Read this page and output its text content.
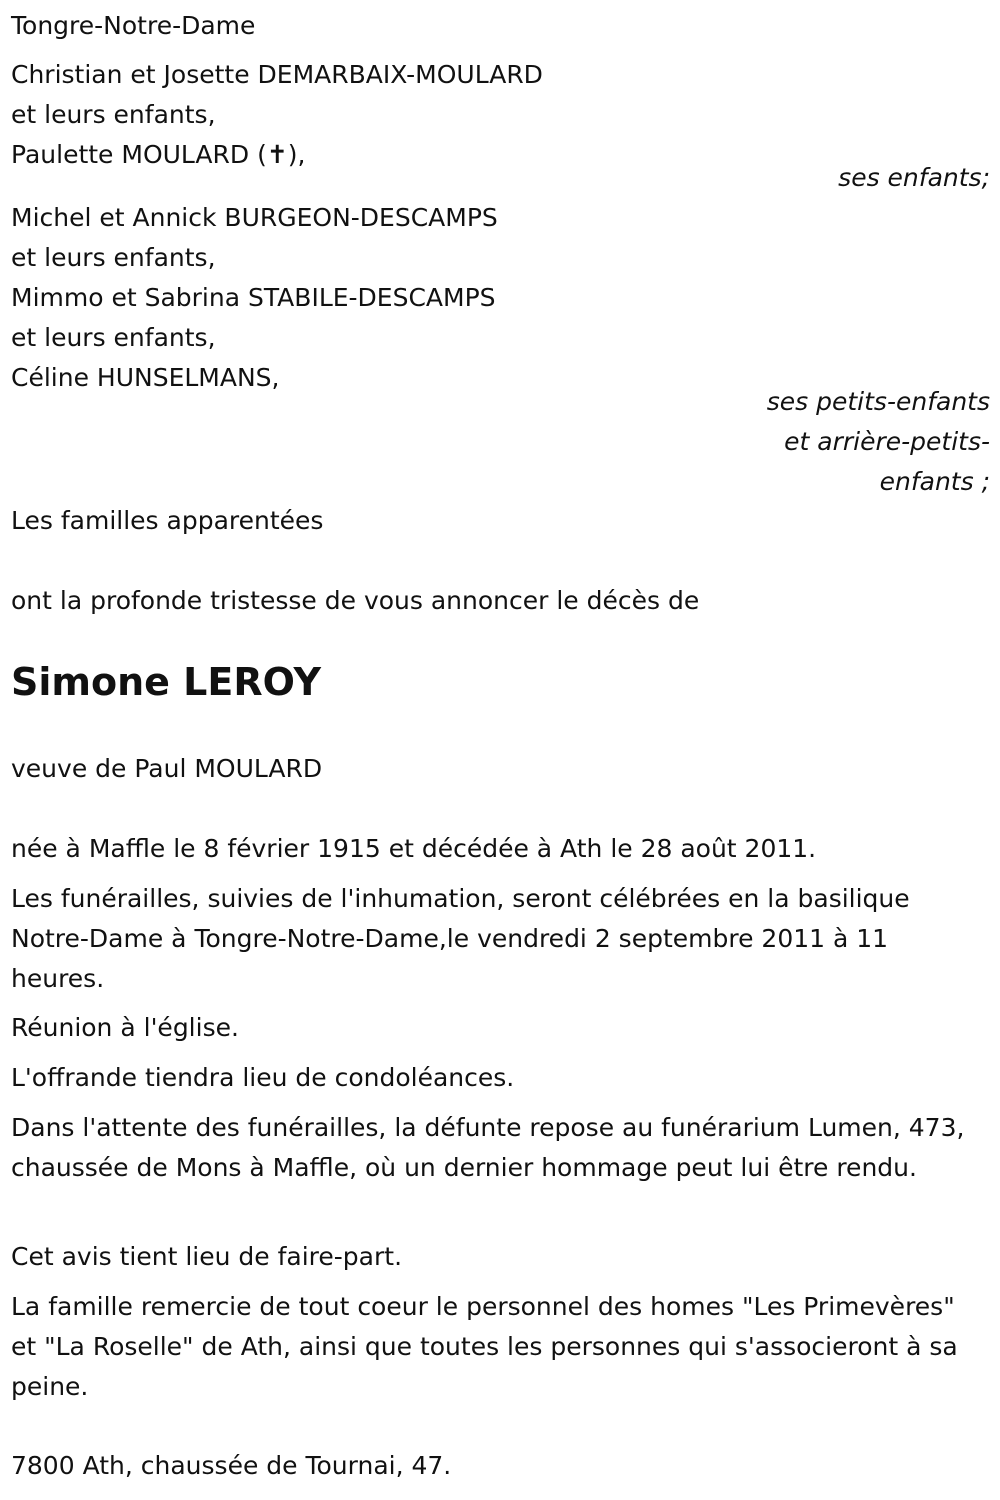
Tongre-Notre-Dame

Christian et Josette DEMARBAIX-MOULARD

et leurs enfants,

Paulette MOULARD (✝),

ses enfants;

Michel et Annick BURGEON-DESCAMPS

et leurs enfants,

Mimmo et Sabrina STABILE-DESCAMPS

et leurs enfants,

Céline HUNSELMANS,

ses petits-enfants

et arrière-petits-

enfants ;

Les familles apparentées

ont la profonde tristesse de vous annoncer le décès de

Simone LEROY

veuve de Paul MOULARD

née à Maffle le 8 février 1915 et décédée à Ath le 28 août 2011.

Les funérailles, suivies de l'inhumation, seront célébrées en la basilique Notre-Dame à Tongre-Notre-Dame,le vendredi 2 septembre 2011 à 11 heures.

Réunion à l'église.

L'offrande tiendra lieu de condoléances.

Dans l'attente des funérailles, la défunte repose au funérarium Lumen, 473, chaussée de Mons à Maffle, où un dernier hommage peut lui être rendu.

Cet avis tient lieu de faire-part.

La famille remercie de tout coeur le personnel des homes "Les Primevères" et "La Roselle" de Ath, ainsi que toutes les personnes qui s'associeront à sa peine.

7800 Ath, chaussée de Tournai, 47.
